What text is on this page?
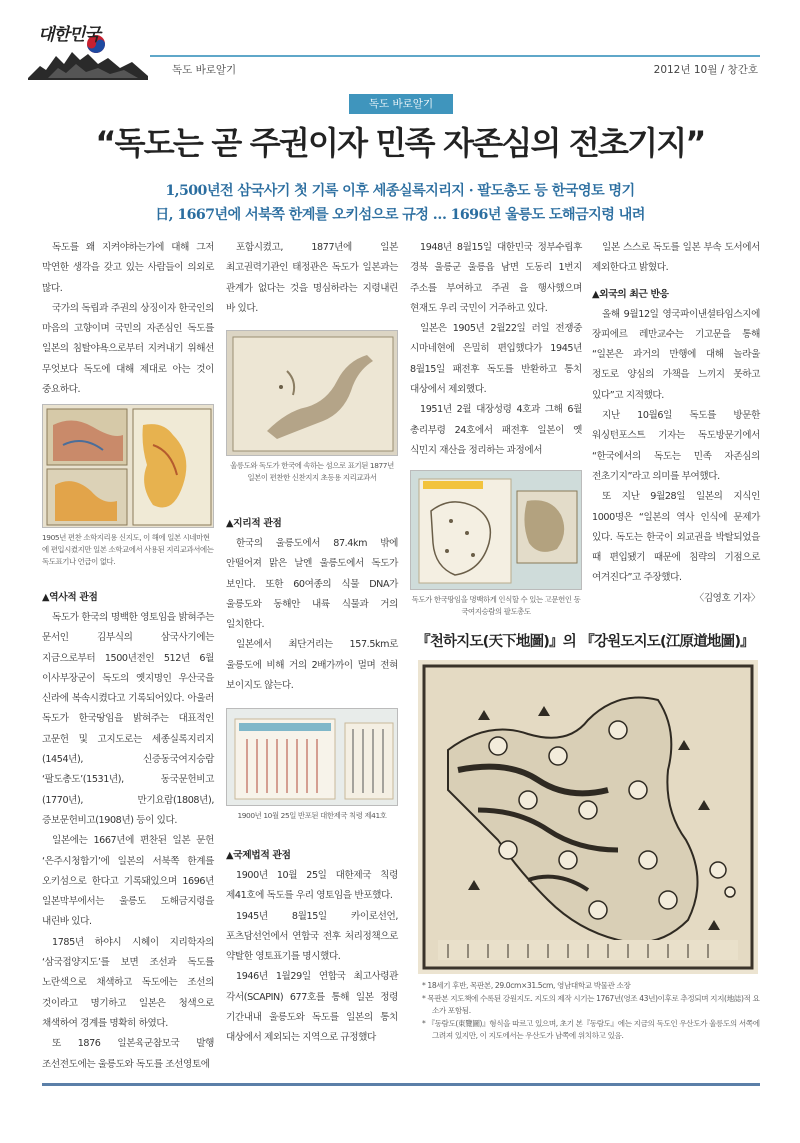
대한민국
독도 바로알기	2012년 10월 / 창간호
독도 바로알기
“독도는 곧 주권이자 민족 자존심의 전초기지”
1,500년전 삼국사기 첫 기록 이후 세종실록지리지 · 팔도총도 등 한국영토 명기
日, 1667년에 서북쪽 한계를 오키섬으로 규정 … 1696년 울릉도 도해금지령 내려

독도를 왜 지켜야하는가에 대해 그저 막연한 생각을 갖고 있는 사람들이 의외로 많다.

국가의 독립과 주권의 상징이자 한국인의 마음의 고향이며 국민의 자존심인 독도를 일본의 침탈야욕으로부터 지켜내기 위해선 무엇보다 독도에 대해 제대로 아는 것이 중요하다.

1905년 편찬 소학지리용 신지도, 이 해에 일본 시네마현에 편입시켰지만 일본 소학교에서 사용된 지리교과서에는 독도표기나 언급이 없다.
▲역사적 관점

독도가 한국의 명백한 영토임을 밝혀주는 문서인 김부식의 삼국사기에는 지금으로부터 1500년전인 512년 6월 이사부장군이 독도의 옛지명인 우산국을 신라에 복속시켰다고 기록되어있다. 아울러 독도가 한국땅임을 밝혀주는 대표적인 고문헌 및 고지도로는 세종실록지리지(1454년), 신증동국여지승람 ‘팔도총도’(1531년), 동국문헌비고(1770년), 만기요람(1808년), 증보문헌비고(1908년) 등이 있다.

일본에는 1667년에 편찬된 일본 문헌 ‘은주시청합기’에 일본의 서북쪽 한계를 오키섬으로 한다고 기록돼있으며 1696년 일본막부에서는 울릉도 도해금지령을 내린바 있다.

1785년 하야시 시헤이 지리학자의 ‘삼국접양지도’를 보면 조선과 독도를 노란색으로 채색하고 독도에는 조선의 것이라고 명기하고 일본은 청색으로 채색하여 경계를 명확히 하였다.

또 1876 일본육군참모국 발행 조선전도에는 울릉도와 독도를 조선영토에

포함시켰고, 1877년에 일본 최고권력기관인 태정관은 독도가 일본과는 관계가 없다는 것을 명심하라는 지령내린 바 있다.

울릉도와 독도가 한국에 속하는 섬으로 표기된 1877년 일본이 편찬한 신찬지지 초등용 지리교과서
▲지리적 관점

한국의 울릉도에서 87.4km 밖에 안떨어져 맑은 날엔 울릉도에서 독도가 보인다. 또한 60여종의 식물 DNA가 울릉도와 동해안 내륙 식물과 거의 일치한다.

일본에서 최단거리는 157.5km로 울릉도에 비해 거의 2배가까이 멀며 전혀 보이지도 않는다.

1900년 10월 25일 반포된 대한제국 칙령 제41호
▲국제법적 관점

1900년 10월 25일 대한제국 칙령 제41호에 독도를 우리 영토임을 반포했다.

1945년 8월15일 카이로선언,포츠담선언에서 연합국 전후 처리정책으로 약탈한 영토표기를 명시했다.

1946년 1월29일 연합국 최고사령관 각서(SCAPIN) 677호를 통해 일본 정령 기간내내 울릉도와 독도를 일본의 통치 대상에서 제외되는 지역으로 규정했다

1948년 8월15일 대한민국 정부수립후 경북 울릉군 울릉읍 남면 도동리 1번지 주소를 부여하고 주권 을 행사했으며 현재도 우리 국민이 거주하고 있다.

일본은 1905년 2월22일 러일 전쟁중 시마네현에 은밀히 편입했다가 1945년 8월15일 패전후 독도를 반환하고 통치 대상에서 제외했다.

1951년 2월 대장성령 4호과 그해 6월 총리부령 24호에서 패전후 일본이 옛 식민지 재산을 정리하는 과정에서

독도가 한국땅임을 명백하게 인식할 수 있는 고문헌인 동국여지승람의 팔도총도

일본 스스로 독도를 일본 부속 도서에서 제외한다고 밝혔다.

▲외국의 최근 반응

올해 9월12일 영국파이낸셜타임스지에 장피에르 레만교수는 기고문을 통해 “일본은 과거의 만행에 대해 놀라울 정도로 양심의 가책을 느끼지 못하고 있다”고 지적했다.

지난 10월6일 독도를 방문한 워싱턴포스트 기자는 독도방문기에서 “한국에서의 독도는 민족 자존심의 전초기지”라고 의미를 부여했다.

또 지난 9월28일 일본의 지식인 1000명은 “일본의 역사 인식에 문제가 있다. 독도는 한국이 외교권을 박탈되었을 때 편입됐기 때문에 침략의 기점으로 여겨진다”고 주장했다.

〈김영호 기자〉

『천하지도(天下地圖)』의 『강원도지도(江原道地圖)』
* 18세기 후반, 목판본, 29.0cm×31.5cm, 영남대학교 박물관 소장
* 목판본 지도책에 수록된 강원지도. 지도의 제작 시기는 1767년(영조 43년)이후로 추정되며 지지(地誌)적 요소가 포함됨.
* 『동람도(東覽圖)』형식을 따르고 있으며, 초기 본『동람도』에는 지금의 독도인 우산도가 울릉도의 서쪽에 그려져 있지만, 이 지도에서는 우산도가 남쪽에 위치하고 있음.
